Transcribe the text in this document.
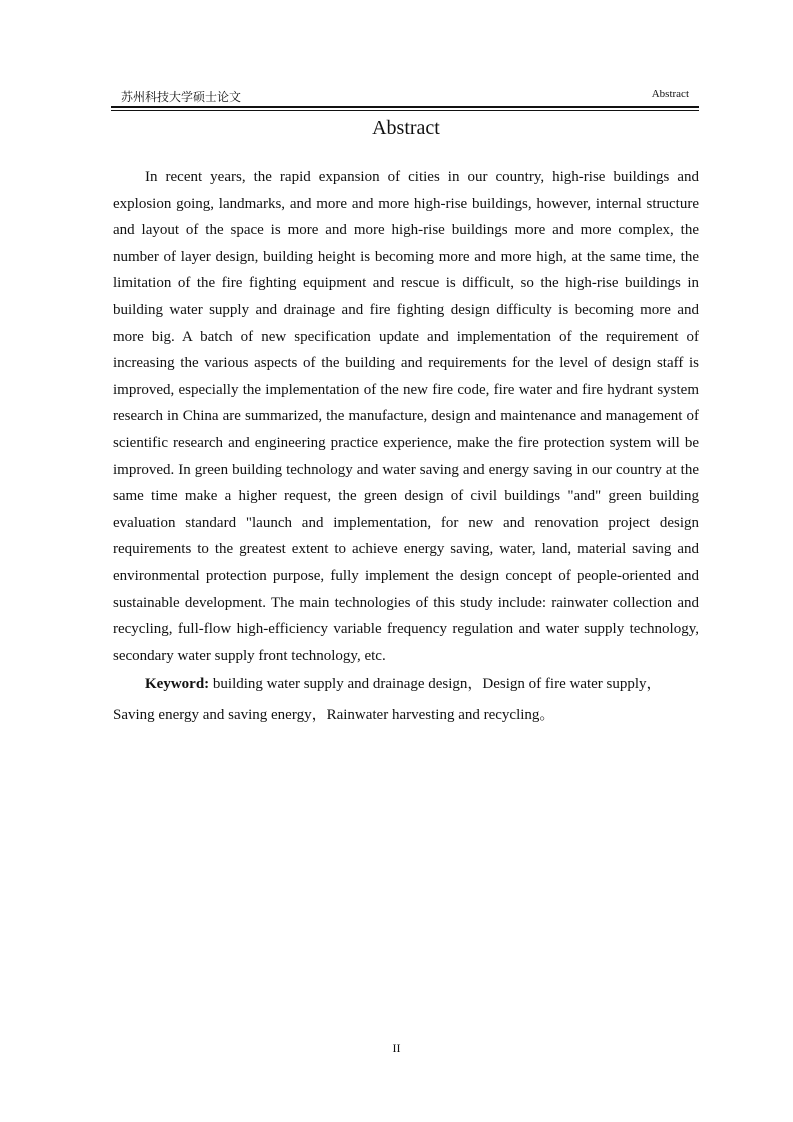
苏州科技大学硕士论文	Abstract
Abstract

In recent years, the rapid expansion of cities in our country, high-rise buildings and explosion going, landmarks, and more and more high-rise buildings, however, internal structure and layout of the space is more and more high-rise buildings more and more complex, the number of layer design, building height is becoming more and more high, at the same time, the limitation of the fire fighting equipment and rescue is difficult, so the high-rise buildings in building water supply and drainage and fire fighting design difficulty is becoming more and more big. A batch of new specification update and implementation of the requirement of increasing the various aspects of the building and requirements for the level of design staff is improved, especially the implementation of the new fire code, fire water and fire hydrant system research in China are summarized, the manufacture, design and maintenance and management of scientific research and engineering practice experience, make the fire protection system will be improved. In green building technology and water saving and energy saving in our country at the same time make a higher request, the green design of civil buildings "and" green building evaluation standard "launch and implementation, for new and renovation project design requirements to the greatest extent to achieve energy saving, water, land, material saving and environmental protection purpose, fully implement the design concept of people-oriented and sustainable development. The main technologies of this study include: rainwater collection and recycling, full-flow high-efficiency variable frequency regulation and water supply technology, secondary water supply front technology, etc.

Keyword: building water supply and drainage design，Design of fire water supply，Saving energy and saving energy，Rainwater harvesting and recycling。

II
